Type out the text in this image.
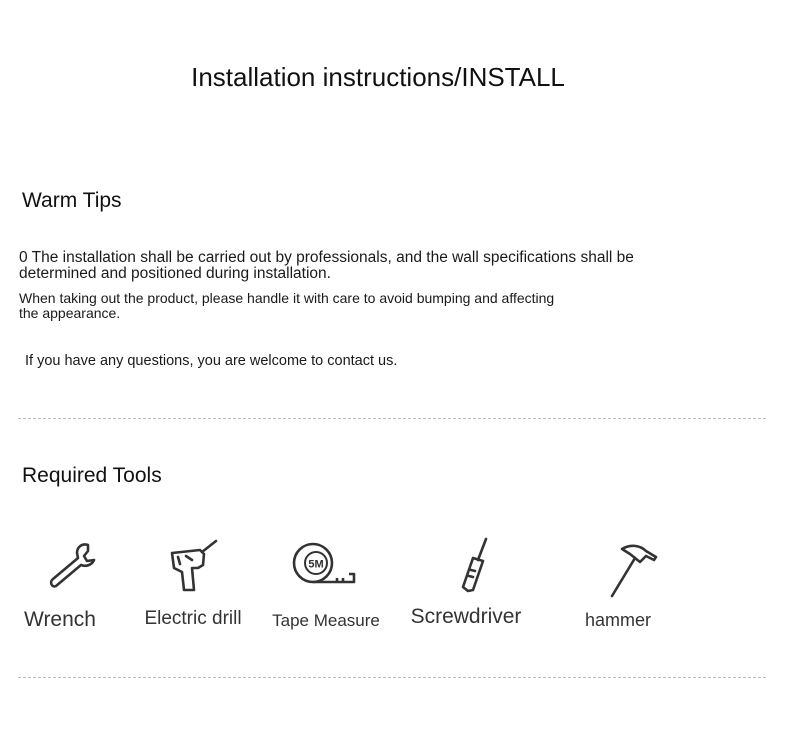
Installation instructions/INSTALL
Warm Tips
0 The installation shall be carried out by professionals, and the wall specifications shall be
determined and positioned during installation.
When taking out the product, please handle it with care to avoid bumping and affecting
the appearance.
If you have any questions, you are welcome to contact us.
Required Tools
Wrench	Electric drill
5M
Tape Measure	Screwdriver	hammer
